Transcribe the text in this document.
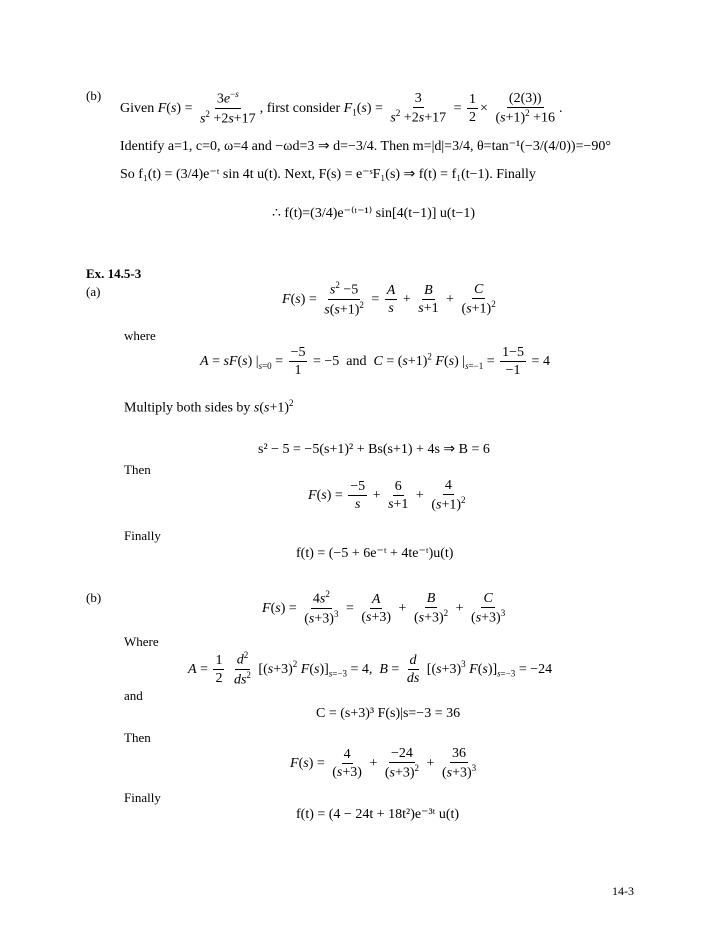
(b)
Given $F(s) = \frac{3e^{-s}}{s^2 +2s+17}$ , first consider $F_1(s) = \frac{3}{s^2 +2s+17} = \frac{1}{2} \times \frac{(2(3))}{(s+1)^2 +16}$ .
Identify a=1, c=0, ω=4 and −ωd=3 ⇒ d=−3/4. Then m=|d|=3/4, θ=tan⁻¹(−3/(4/0))=−90°
So f₁(t) = (3/4)e⁻ᵗ sin 4t u(t). Next, F(s) = e⁻ˢF₁(s) ⇒ f(t) = f₁(t−1). Finally
∴ f(t)=(3/4)e⁻⁽ᵗ⁻¹⁾ sin[4(t−1)] u(t−1)
Ex. 14.5-3
(a)
$F(s) = \frac{s^2 -5}{s(s+1)^2} = \frac{A}{s} + \frac{B}{s+1} + \frac{C}{(s+1)^2}$
where
A = sF(s) $|_{s=0} = \frac{-5}{1} = -5$  and $C = (s+1)^2$ F(s) $|_{s=-1} = \frac{1-5}{-1} = 4$
Multiply both sides by $s(s+1)^2$
s² − 5 = −5(s+1)² + Bs(s+1) + 4s ⇒ B = 6
Then
$F(s) = \frac{-5}{s} + \frac{6}{s+1} + \frac{4}{(s+1)^2}$
Finally
f(t) = (−5 + 6e⁻ᵗ + 4te⁻ᵗ)u(t)
(b)
$F(s) = \frac{4s^2}{(s+3)^3} = \frac{A}{(s+3)} + \frac{B}{(s+3)^2} + \frac{C}{(s+3)^3}$
Where
$A = \frac{1}{2}$
$\frac{d^2}{ds^2} [(s+3)^2$ $F(s)]_{s=-3} = 4$,  $B = \frac{d}{ds} [(s+3)^3$ $F(s)]_{s=-3} = -24$
and
C = (s+3)³ F(s)|s=−3 = 36
Then
$F(s) = \frac{4}{(s+3)} + \frac{-24}{(s+3)^2} + \frac{36}{(s+3)^3}$
Finally
f(t) = (4 − 24t + 18t²)e⁻³ᵗ u(t)
14-3
